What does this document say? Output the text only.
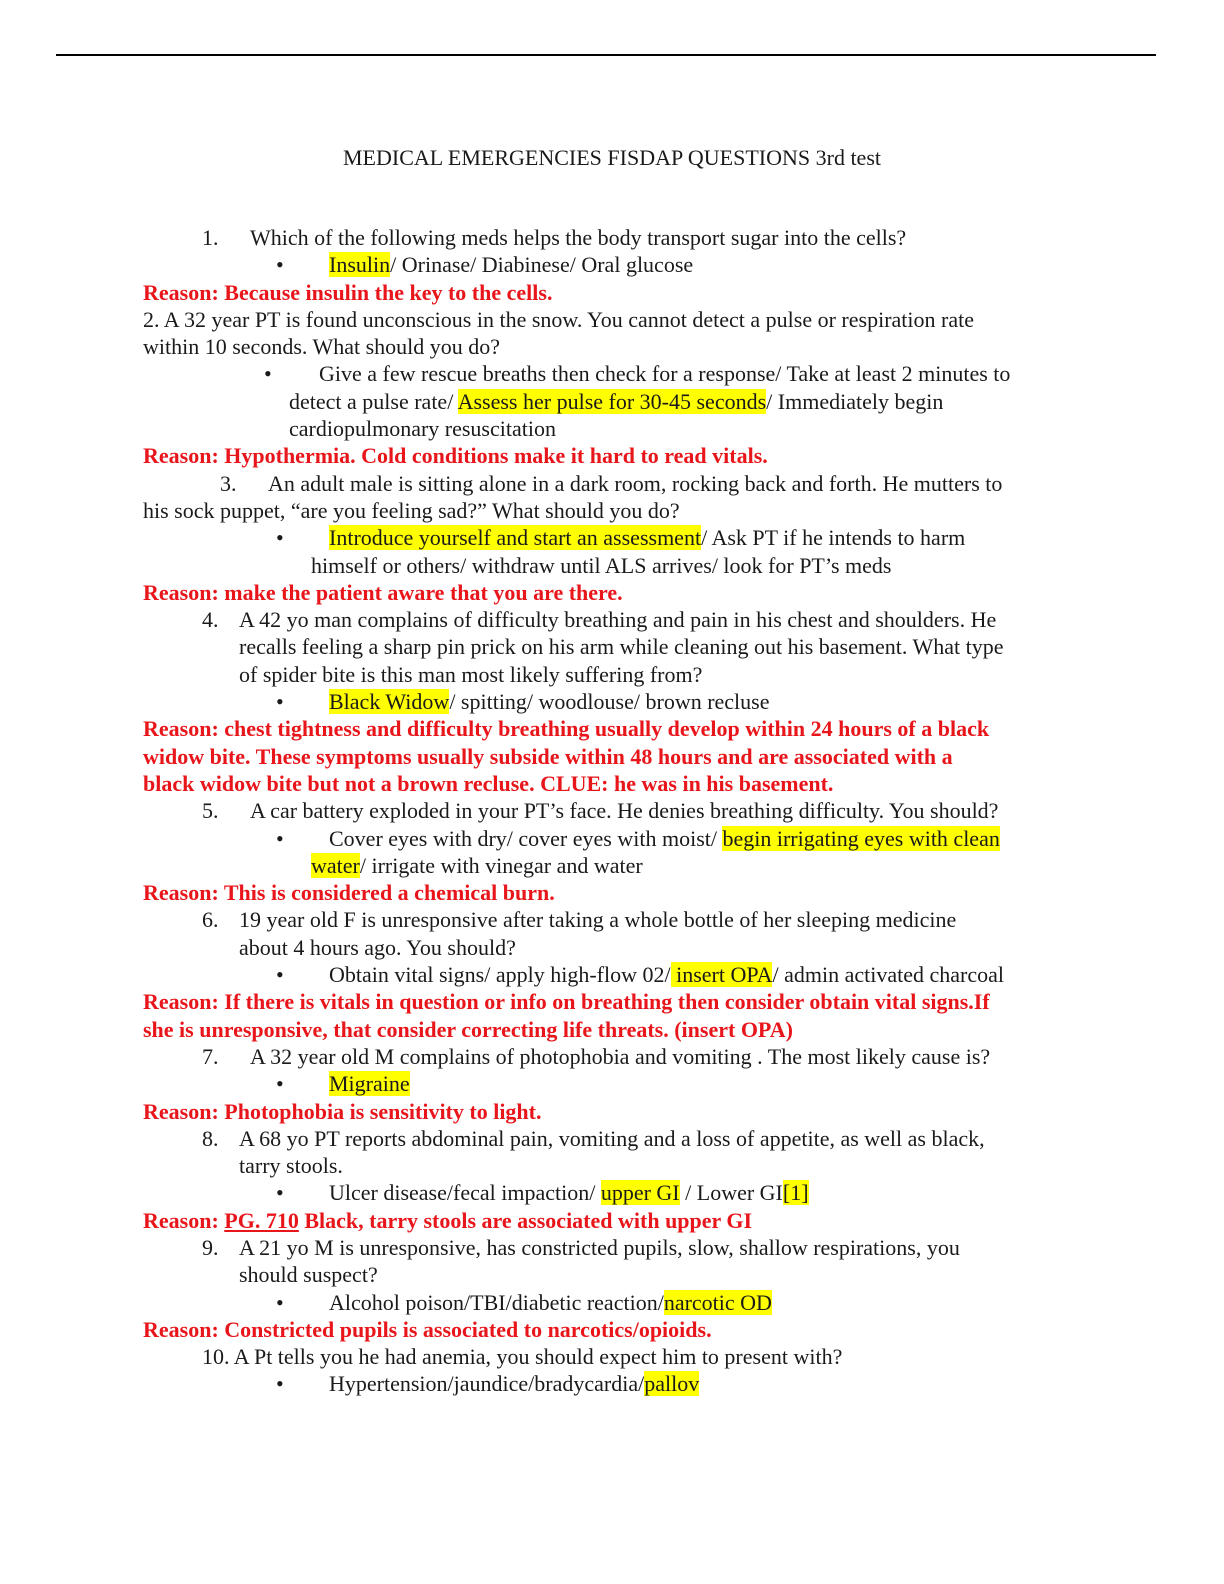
MEDICAL EMERGENCIES FISDAP QUESTIONS 3rd test
1. Which of the following meds helps the body transport sugar into the cells?
• Insulin/ Orinase/ Diabinese/ Oral glucose
Reason: Because insulin the key to the cells.
2. A 32 year PT is found unconscious in the snow. You cannot detect a pulse or respiration rate
within 10 seconds. What should you do?
• Give a few rescue breaths then check for a response/ Take at least 2 minutes to
detect a pulse rate/ Assess her pulse for 30-45 seconds/ Immediately begin
cardiopulmonary resuscitation
Reason: Hypothermia. Cold conditions make it hard to read vitals.
3. An adult male is sitting alone in a dark room, rocking back and forth. He mutters to
his sock puppet, “are you feeling sad?” What should you do?
• Introduce yourself and start an assessment/ Ask PT if he intends to harm
himself or others/ withdraw until ALS arrives/ look for PT’s meds
Reason: make the patient aware that you are there.
4. A 42 yo man complains of difficulty breathing and pain in his chest and shoulders. He
recalls feeling a sharp pin prick on his arm while cleaning out his basement. What type
of spider bite is this man most likely suffering from?
• Black Widow/ spitting/ woodlouse/ brown recluse
Reason: chest tightness and difficulty breathing usually develop within 24 hours of a black
widow bite. These symptoms usually subside within 48 hours and are associated with a
black widow bite but not a brown recluse. CLUE: he was in his basement.
5. A car battery exploded in your PT’s face. He denies breathing difficulty. You should?
• Cover eyes with dry/ cover eyes with moist/ begin irrigating eyes with clean
water/ irrigate with vinegar and water
Reason: This is considered a chemical burn.
6. 19 year old F is unresponsive after taking a whole bottle of her sleeping medicine
about 4 hours ago. You should?
• Obtain vital signs/ apply high-flow 02/ insert OPA/ admin activated charcoal
Reason: If there is vitals in question or info on breathing then consider obtain vital signs.If
she is unresponsive, that consider correcting life threats. (insert OPA)
7. A 32 year old M complains of photophobia and vomiting . The most likely cause is?
• Migraine
Reason: Photophobia is sensitivity to light.
8. A 68 yo PT reports abdominal pain, vomiting and a loss of appetite, as well as black,
tarry stools.
• Ulcer disease/fecal impaction/ upper GI / Lower GI[1]
Reason: PG. 710 Black, tarry stools are associated with upper GI
9. A 21 yo M is unresponsive, has constricted pupils, slow, shallow respirations, you
should suspect?
• Alcohol poison/TBI/diabetic reaction/narcotic OD
Reason: Constricted pupils is associated to narcotics/opioids.
10. A Pt tells you he had anemia, you should expect him to present with?
• Hypertension/jaundice/bradycardia/pallov
